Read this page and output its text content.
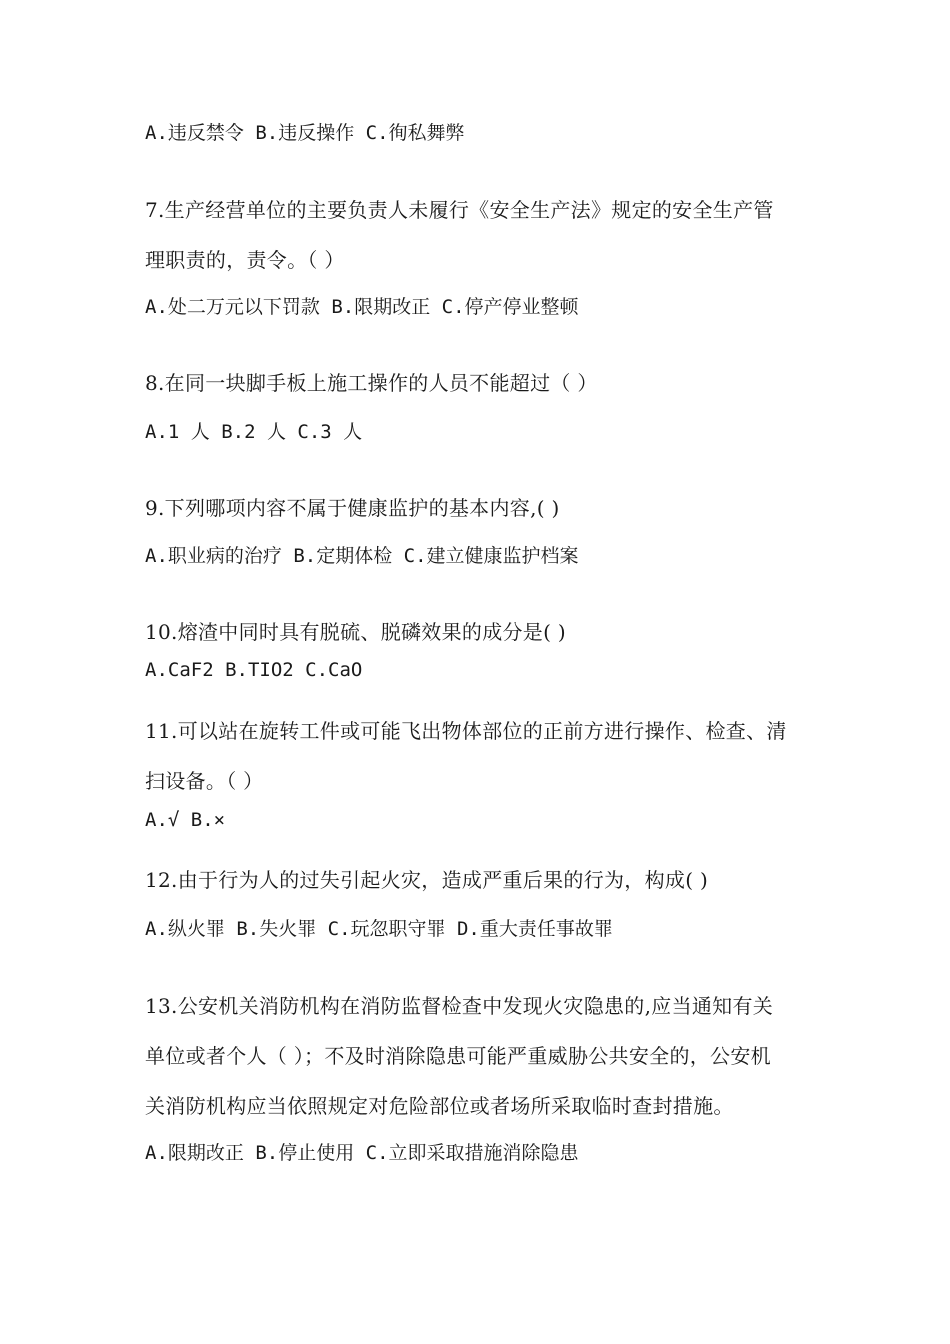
A.违反禁令 B.违反操作 C.徇私舞弊
7.生产经营单位的主要负责人未履行《安全生产法》规定的安全生产管
理职责的，责令。（ ）
A.处二万元以下罚款 B.限期改正 C.停产停业整顿
8.在同一块脚手板上施工操作的人员不能超过（ ）
A.1 人 B.2 人 C.3 人
9.下列哪项内容不属于健康监护的基本内容,( )
A.职业病的治疗 B.定期体检 C.建立健康监护档案
10.熔渣中同时具有脱硫、脱磷效果的成分是( )
A.CaF2 B.TIO2 C.CaO
11.可以站在旋转工件或可能飞出物体部位的正前方进行操作、检查、清
扫设备。（ ）
A.√ B.×
12.由于行为人的过失引起火灾，造成严重后果的行为，构成( )
A.纵火罪 B.失火罪 C.玩忽职守罪 D.重大责任事故罪
13.公安机关消防机构在消防监督检查中发现火灾隐患的,应当通知有关
单位或者个人（ ）；不及时消除隐患可能严重威胁公共安全的，公安机
关消防机构应当依照规定对危险部位或者场所采取临时查封措施。
A.限期改正 B.停止使用 C.立即采取措施消除隐患
